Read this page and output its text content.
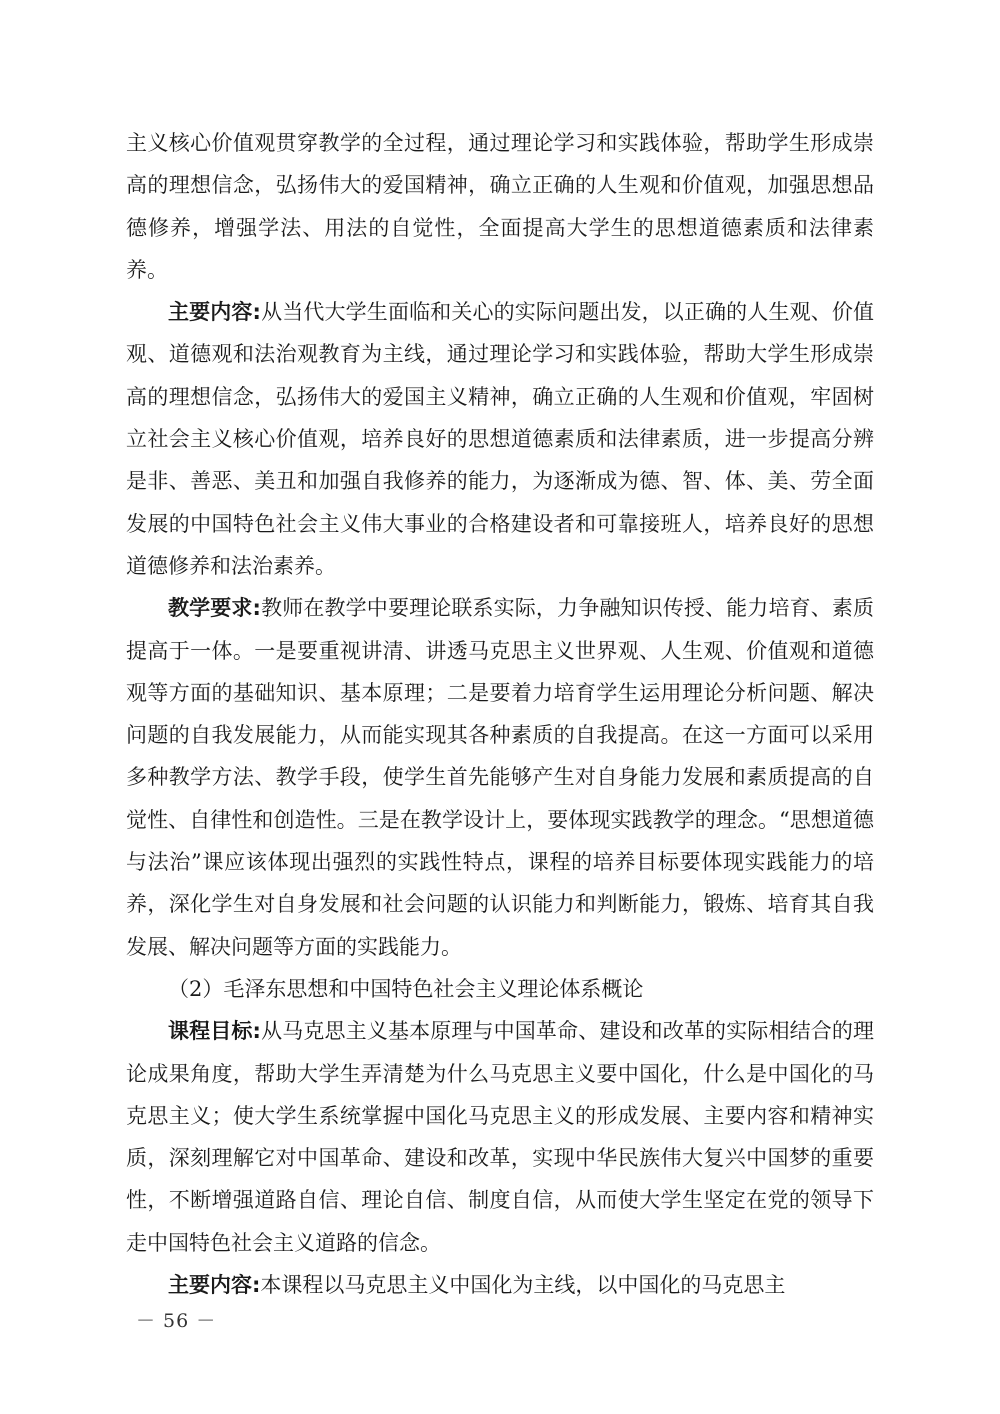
主义核心价值观贯穿教学的全过程，通过理论学习和实践体验，帮助学生形成崇高的理想信念，弘扬伟大的爱国精神，确立正确的人生观和价值观，加强思想品德修养，增强学法、用法的自觉性，全面提高大学生的思想道德素质和法律素养。

主要内容:从当代大学生面临和关心的实际问题出发，以正确的人生观、价值观、道德观和法治观教育为主线，通过理论学习和实践体验，帮助大学生形成崇高的理想信念，弘扬伟大的爱国主义精神，确立正确的人生观和价值观，牢固树立社会主义核心价值观，培养良好的思想道德素质和法律素质，进一步提高分辨是非、善恶、美丑和加强自我修养的能力，为逐渐成为德、智、体、美、劳全面发展的中国特色社会主义伟大事业的合格建设者和可靠接班人，培养良好的思想道德修养和法治素养。

教学要求:教师在教学中要理论联系实际，力争融知识传授、能力培育、素质提高于一体。一是要重视讲清、讲透马克思主义世界观、人生观、价值观和道德观等方面的基础知识、基本原理；二是要着力培育学生运用理论分析问题、解决问题的自我发展能力，从而能实现其各种素质的自我提高。在这一方面可以采用多种教学方法、教学手段，使学生首先能够产生对自身能力发展和素质提高的自觉性、自律性和创造性。三是在教学设计上，要体现实践教学的理念。“思想道德与法治”课应该体现出强烈的实践性特点，课程的培养目标要体现实践能力的培养，深化学生对自身发展和社会问题的认识能力和判断能力，锻炼、培育其自我发展、解决问题等方面的实践能力。

（2）毛泽东思想和中国特色社会主义理论体系概论

课程目标:从马克思主义基本原理与中国革命、建设和改革的实际相结合的理论成果角度，帮助大学生弄清楚为什么马克思主义要中国化，什么是中国化的马克思主义；使大学生系统掌握中国化马克思主义的形成发展、主要内容和精神实质，深刻理解它对中国革命、建设和改革，实现中华民族伟大复兴中国梦的重要性，不断增强道路自信、理论自信、制度自信，从而使大学生坚定在党的领导下走中国特色社会主义道路的信念。

主要内容:本课程以马克思主义中国化为主线，以中国化的马克思主

－ 56 －
